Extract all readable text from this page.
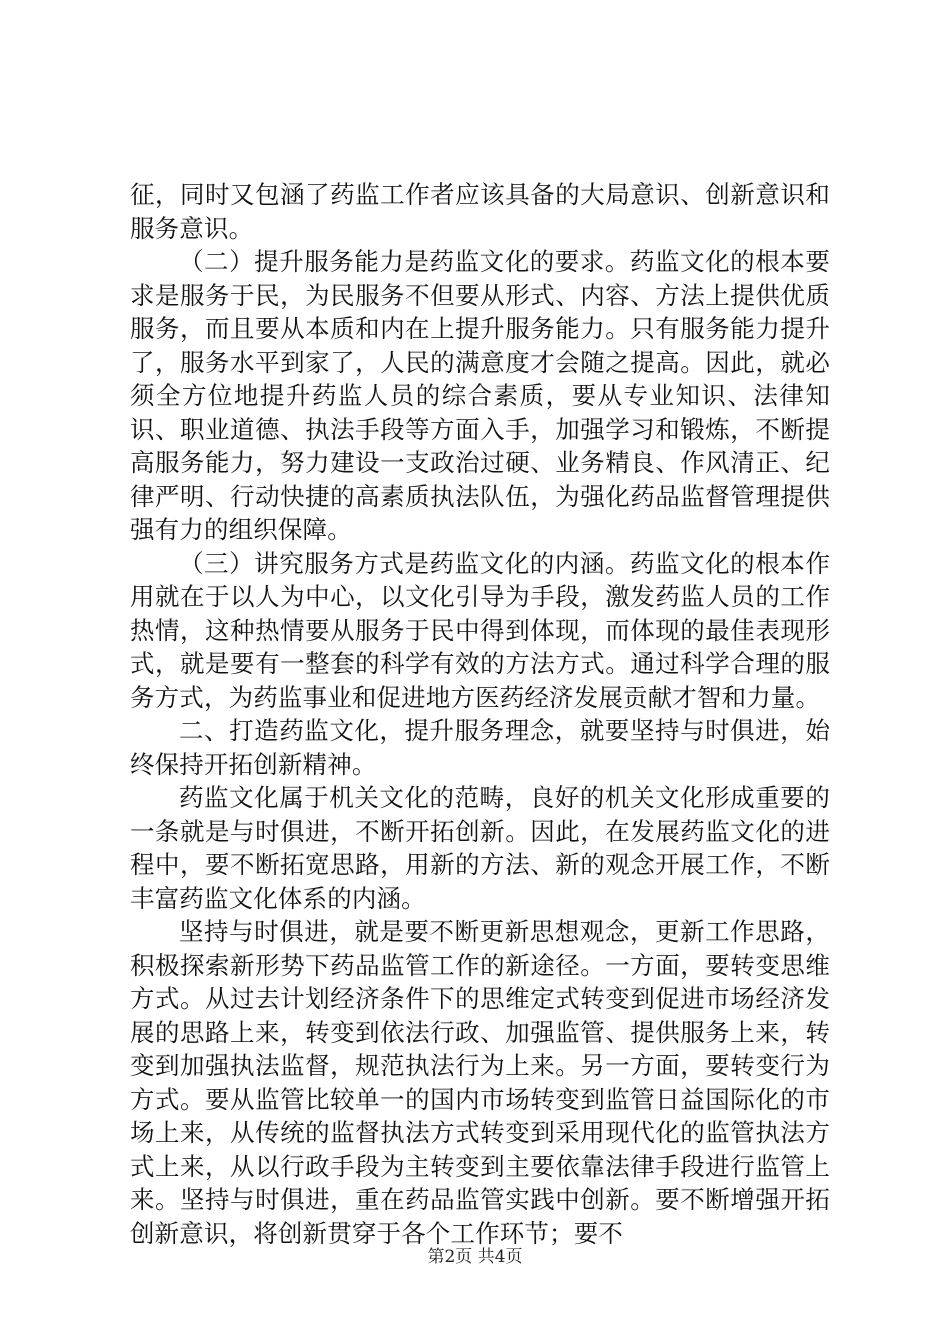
征，同时又包涵了药监工作者应该具备的大局意识、创新意识和服务意识。

（二）提升服务能力是药监文化的要求。药监文化的根本要求是服务于民，为民服务不但要从形式、内容、方法上提供优质服务，而且要从本质和内在上提升服务能力。只有服务能力提升了，服务水平到家了，人民的满意度才会随之提高。因此，就必须全方位地提升药监人员的综合素质，要从专业知识、法律知识、职业道德、执法手段等方面入手，加强学习和锻炼，不断提高服务能力，努力建设一支政治过硬、业务精良、作风清正、纪律严明、行动快捷的高素质执法队伍，为强化药品监督管理提供强有力的组织保障。

（三）讲究服务方式是药监文化的内涵。药监文化的根本作用就在于以人为中心，以文化引导为手段，激发药监人员的工作热情，这种热情要从服务于民中得到体现，而体现的最佳表现形式，就是要有一整套的科学有效的方法方式。通过科学合理的服务方式，为药监事业和促进地方医药经济发展贡献才智和力量。

二、打造药监文化，提升服务理念，就要坚持与时俱进，始终保持开拓创新精神。

药监文化属于机关文化的范畴，良好的机关文化形成重要的一条就是与时俱进，不断开拓创新。因此，在发展药监文化的进程中，要不断拓宽思路，用新的方法、新的观念开展工作，不断丰富药监文化体系的内涵。

坚持与时俱进，就是要不断更新思想观念，更新工作思路，积极探索新形势下药品监管工作的新途径。一方面，要转变思维方式。从过去计划经济条件下的思维定式转变到促进市场经济发展的思路上来，转变到依法行政、加强监管、提供服务上来，转变到加强执法监督，规范执法行为上来。另一方面，要转变行为方式。要从监管比较单一的国内市场转变到监管日益国际化的市场上来，从传统的监督执法方式转变到采用现代化的监管执法方式上来，从以行政手段为主转变到主要依靠法律手段进行监管上来。坚持与时俱进，重在药品监管实践中创新。要不断增强开拓创新意识，将创新贯穿于各个工作环节；要不

第2页 共4页
